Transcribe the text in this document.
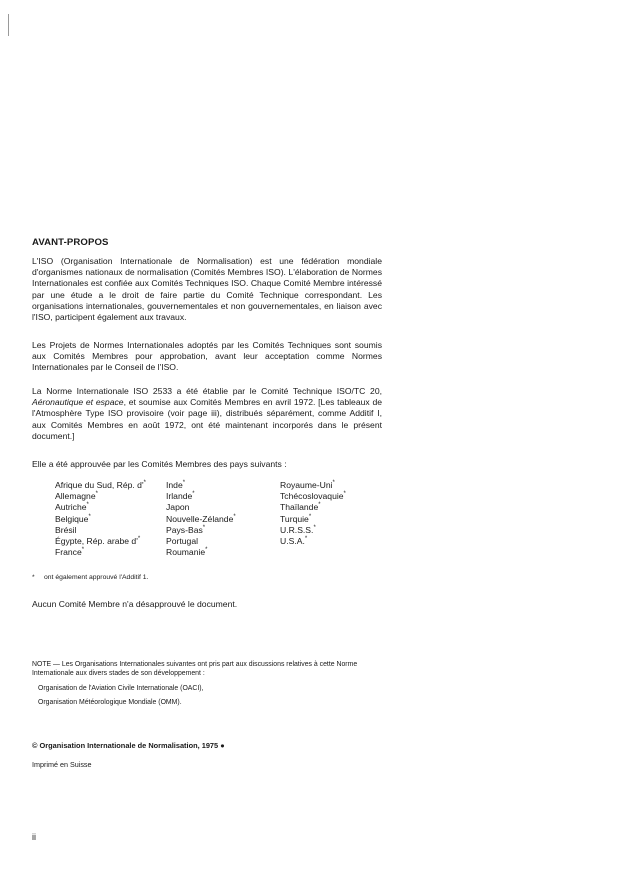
AVANT-PROPOS
L'ISO (Organisation Internationale de Normalisation) est une fédération mondiale d'organismes nationaux de normalisation (Comités Membres ISO). L'élaboration de Normes Internationales est confiée aux Comités Techniques ISO. Chaque Comité Membre intéressé par une étude a le droit de faire partie du Comité Technique correspondant. Les organisations internationales, gouvernementales et non gouvernementales, en liaison avec l'ISO, participent également aux travaux.
Les Projets de Normes Internationales adoptés par les Comités Techniques sont soumis aux Comités Membres pour approbation, avant leur acceptation comme Normes Internationales par le Conseil de l'ISO.
La Norme Internationale ISO 2533 a été établie par le Comité Technique ISO/TC 20, Aéronautique et espace, et soumise aux Comités Membres en avril 1972. [Les tableaux de l'Atmosphère Type ISO provisoire (voir page iii), distribués séparément, comme Additif I, aux Comités Membres en août 1972, ont été maintenant incorporés dans le présent document.]
Elle a été approuvée par les Comités Membres des pays suivants :
Afrique du Sud, Rép. d'*
Allemagne*
Autriche*
Belgique*
Brésil
Égypte, Rép. arabe d'*
France*
Inde*
Irlande*
Japon
Nouvelle-Zélande*
Pays-Bas*
Portugal
Roumanie*
Royaume-Uni*
Tchécoslovaquie*
Thaïlande*
Turquie*
U.R.S.S.*
U.S.A.*
* ont également approuvé l'Additif 1.
Aucun Comité Membre n'a désapprouvé le document.
NOTE — Les Organisations Internationales suivantes ont pris part aux discussions relatives à cette Norme Internationale aux divers stades de son développement :
Organisation de l'Aviation Civile Internationale (OACI),
Organisation Météorologique Mondiale (OMM).
© Organisation Internationale de Normalisation, 1975 ●
Imprimé en Suisse
ii
